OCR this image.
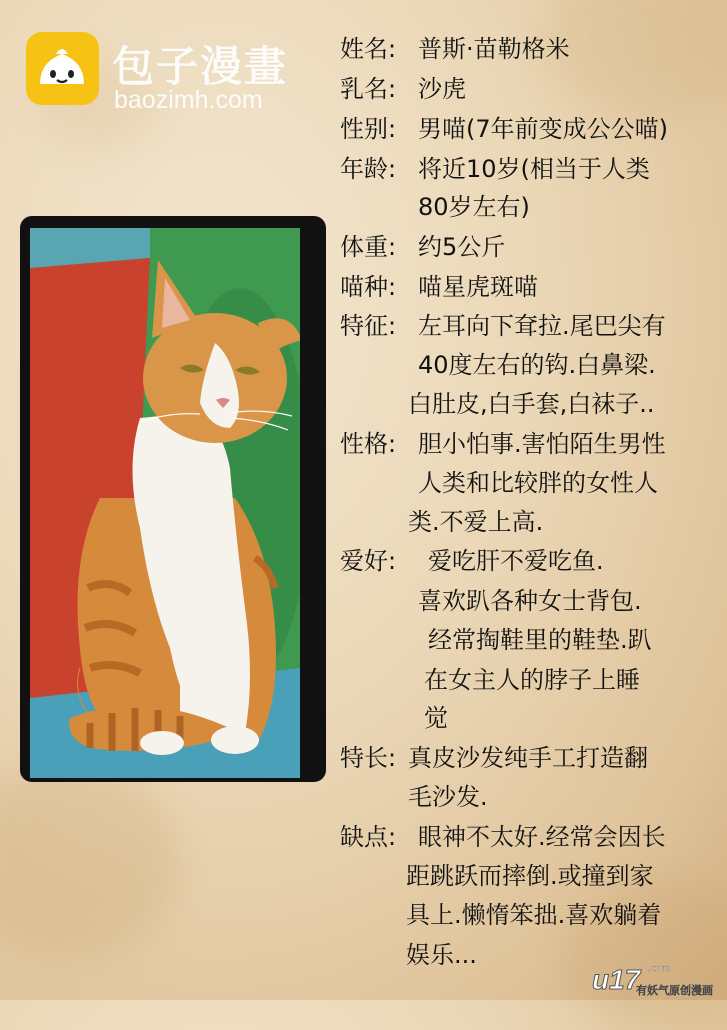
包子漫畫
baozimh.com
姓名: 普斯·苗勒格米
乳名: 沙虎
性别: 男喵(7年前变成公公喵)
年龄: 将近10岁(相当于人类
80岁左右)
体重: 约5公斤
喵种: 喵星虎斑喵
特征: 左耳向下耷拉.尾巴尖有
40度左右的钩.白鼻梁.
白肚皮,白手套,白袜子..
性格: 胆小怕事.害怕陌生男性
人类和比较胖的女性人
类.不爱上高.
爱好: 爱吃肝不爱吃鱼.
喜欢趴各种女士背包.
经常掏鞋里的鞋垫.趴
在女主人的脖子上睡
觉
特长: 真皮沙发纯手工打造翻
毛沙发.
缺点: 眼神不太好.经常会因长
距跳跃而摔倒.或撞到家
具上.懒惰笨拙.喜欢躺着
娱乐...
u17 .com
有妖气原创漫画
